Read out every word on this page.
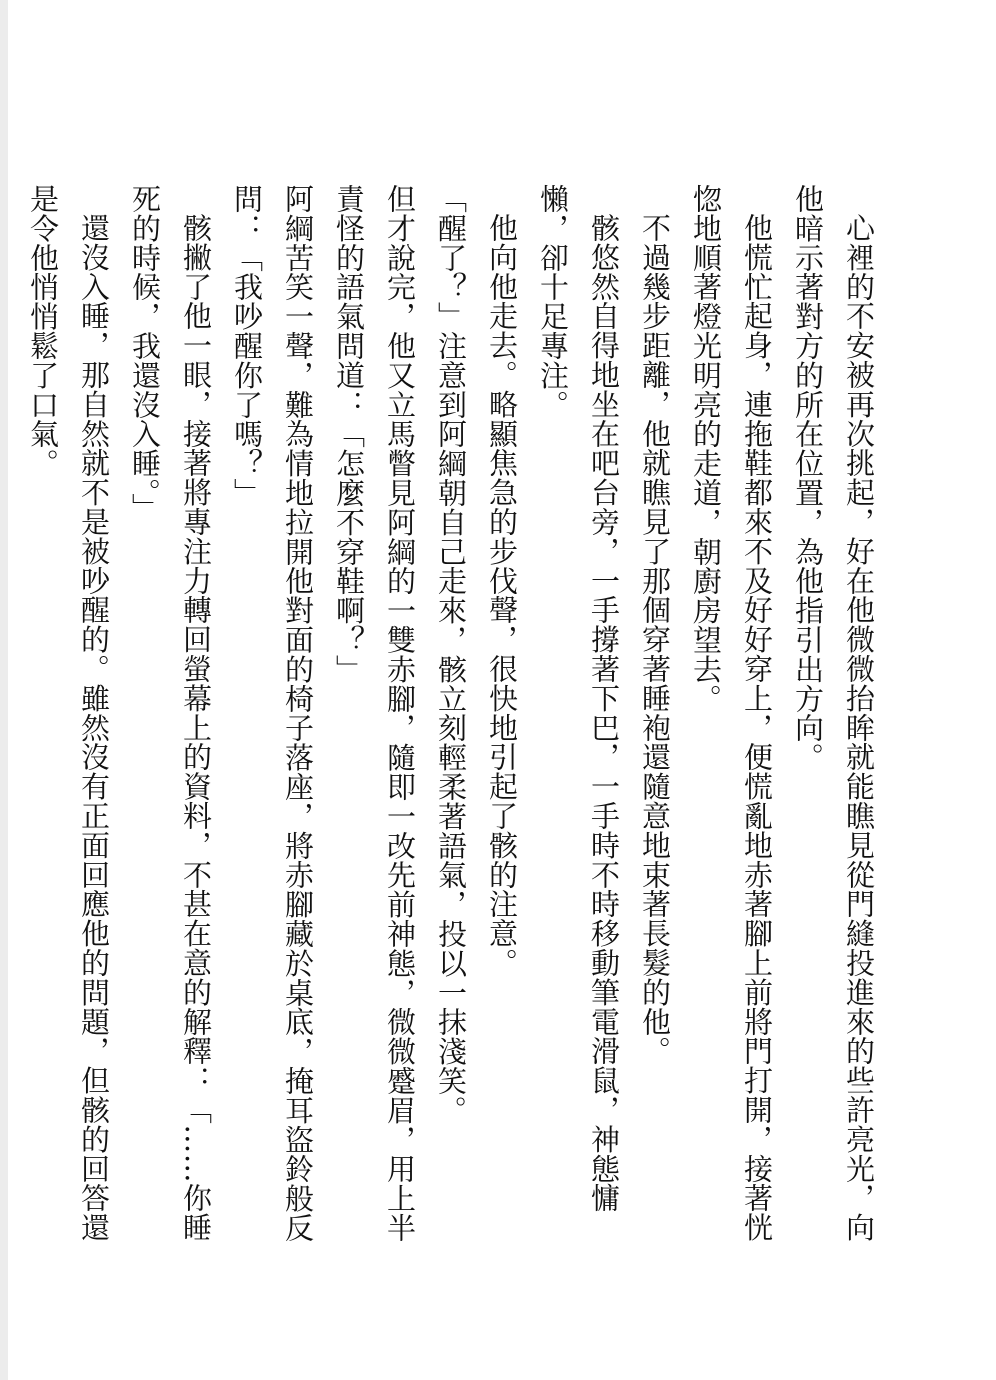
心裡的不安被再次挑起，好在他微微抬眸就能瞧見從門縫投進來的些許亮光，向他暗示著對方的所在位置，為他指引出方向。

他慌忙起身，連拖鞋都來不及好好穿上，便慌亂地赤著腳上前將門打開，接著恍惚地順著燈光明亮的走道，朝廚房望去。

不過幾步距離，他就瞧見了那個穿著睡袍還隨意地束著長髮的他。

骸悠然自得地坐在吧台旁，一手撐著下巴，一手時不時移動筆電滑鼠，神態慵懶，卻十足專注。

他向他走去。略顯焦急的步伐聲，很快地引起了骸的注意。

「醒了？」注意到阿綱朝自己走來，骸立刻輕柔著語氣，投以一抹淺笑。

但才說完，他又立馬瞥見阿綱的一雙赤腳，隨即一改先前神態，微微蹙眉，用上半責怪的語氣問道：「怎麼不穿鞋啊？」

阿綱苦笑一聲，難為情地拉開他對面的椅子落座，將赤腳藏於桌底，掩耳盜鈴般反問：「我吵醒你了嗎？」

骸撇了他一眼，接著將專注力轉回螢幕上的資料，不甚在意的解釋：「……你睡死的時候，我還沒入睡。」

還沒入睡，那自然就不是被吵醒的。雖然沒有正面回應他的問題，但骸的回答還是令他悄悄鬆了口氣。
